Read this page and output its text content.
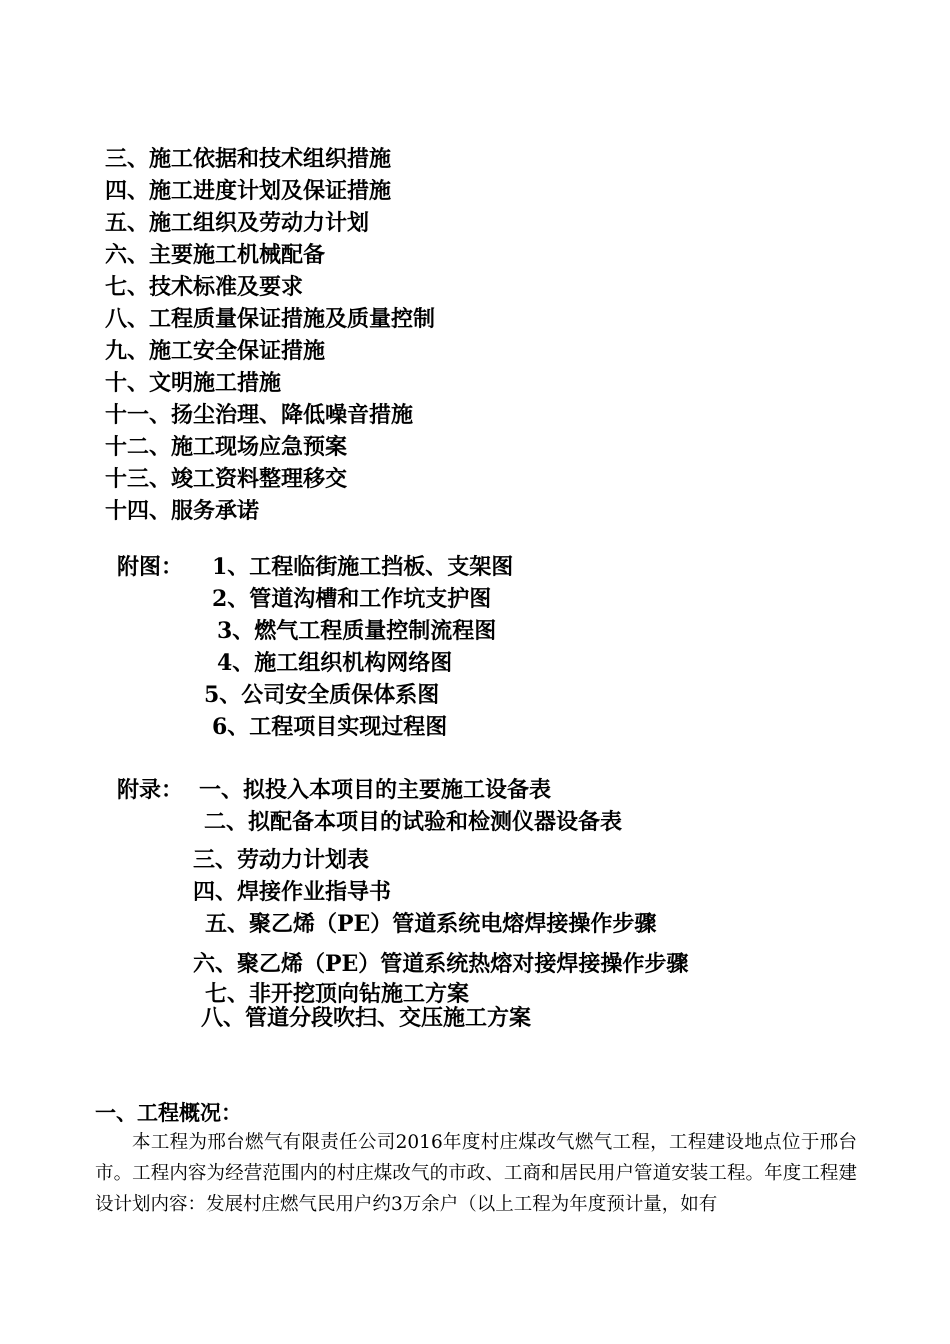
三、施工依据和技术组织措施
四、施工进度计划及保证措施
五、施工组织及劳动力计划
六、主要施工机械配备
七、技术标准及要求
八、工程质量保证措施及质量控制
九、施工安全保证措施
十、文明施工措施
十一、扬尘治理、降低噪音措施
十二、施工现场应急预案
十三、竣工资料整理移交
十四、服务承诺
附图： 1、工程临街施工挡板、支架图
2、管道沟槽和工作坑支护图
3、燃气工程质量控制流程图
4、施工组织机构网络图
5、公司安全质保体系图
6、工程项目实现过程图
附录： 一、拟投入本项目的主要施工设备表
二、拟配备本项目的试验和检测仪器设备表
三、劳动力计划表
四、焊接作业指导书
五、聚乙烯（PE）管道系统电熔焊接操作步骤
六、聚乙烯（PE）管道系统热熔对接焊接操作步骤
七、非开挖顶向钻施工方案
八、管道分段吹扫、交压施工方案
一、工程概况：

本工程为邢台燃气有限责任公司2016年度村庄煤改气燃气工程，工程建设地点位于邢台市。工程内容为经营范围内的村庄煤改气的市政、工商和居民用户管道安装工程。年度工程建设计划内容：发展村庄燃气民用户约3万余户（以上工程为年度预计量，如有
